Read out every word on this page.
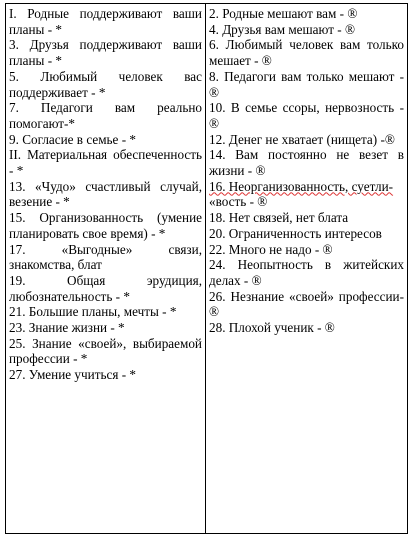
I. Родные поддерживают ваши планы - *

3. Друзья поддерживают ваши планы - *

5. Любимый человек вас поддерживает - *

7. Педагоги вам реально помогают-*

9. Согласие в семье - *

II. Материальная обеспеченность - *

13. «Чудо» счастливый случай, везение - *

15. Организованность (умение планировать свое время) - *

17. «Выгодные» связи, знакомства, блат

19. Общая эрудиция, любознательность - *

21. Большие планы, мечты - *

23. Знание жизни - *

25. Знание «своей», выбираемой профессии - *

27. Умение учиться - *

2. Родные мешают вам - ®

4. Друзья вам мешают - ®

6. Любимый человек вам только мешает - ®

8. Педагоги вам только мешают - ®

10. В семье ссоры, нервозность - ®

12. Денег не хватает (нищета) -®

14. Вам постоянно не везет в жизни - ®

16. Неорганизованность, суетли-
«вость - ®

18. Нет связей, нет блата

20. Ограниченность интересов

22. Много не надо - ®

24. Неопытность в житейских делах - ®

26. Незнание «своей» профессии-®

28. Плохой ученик - ®
